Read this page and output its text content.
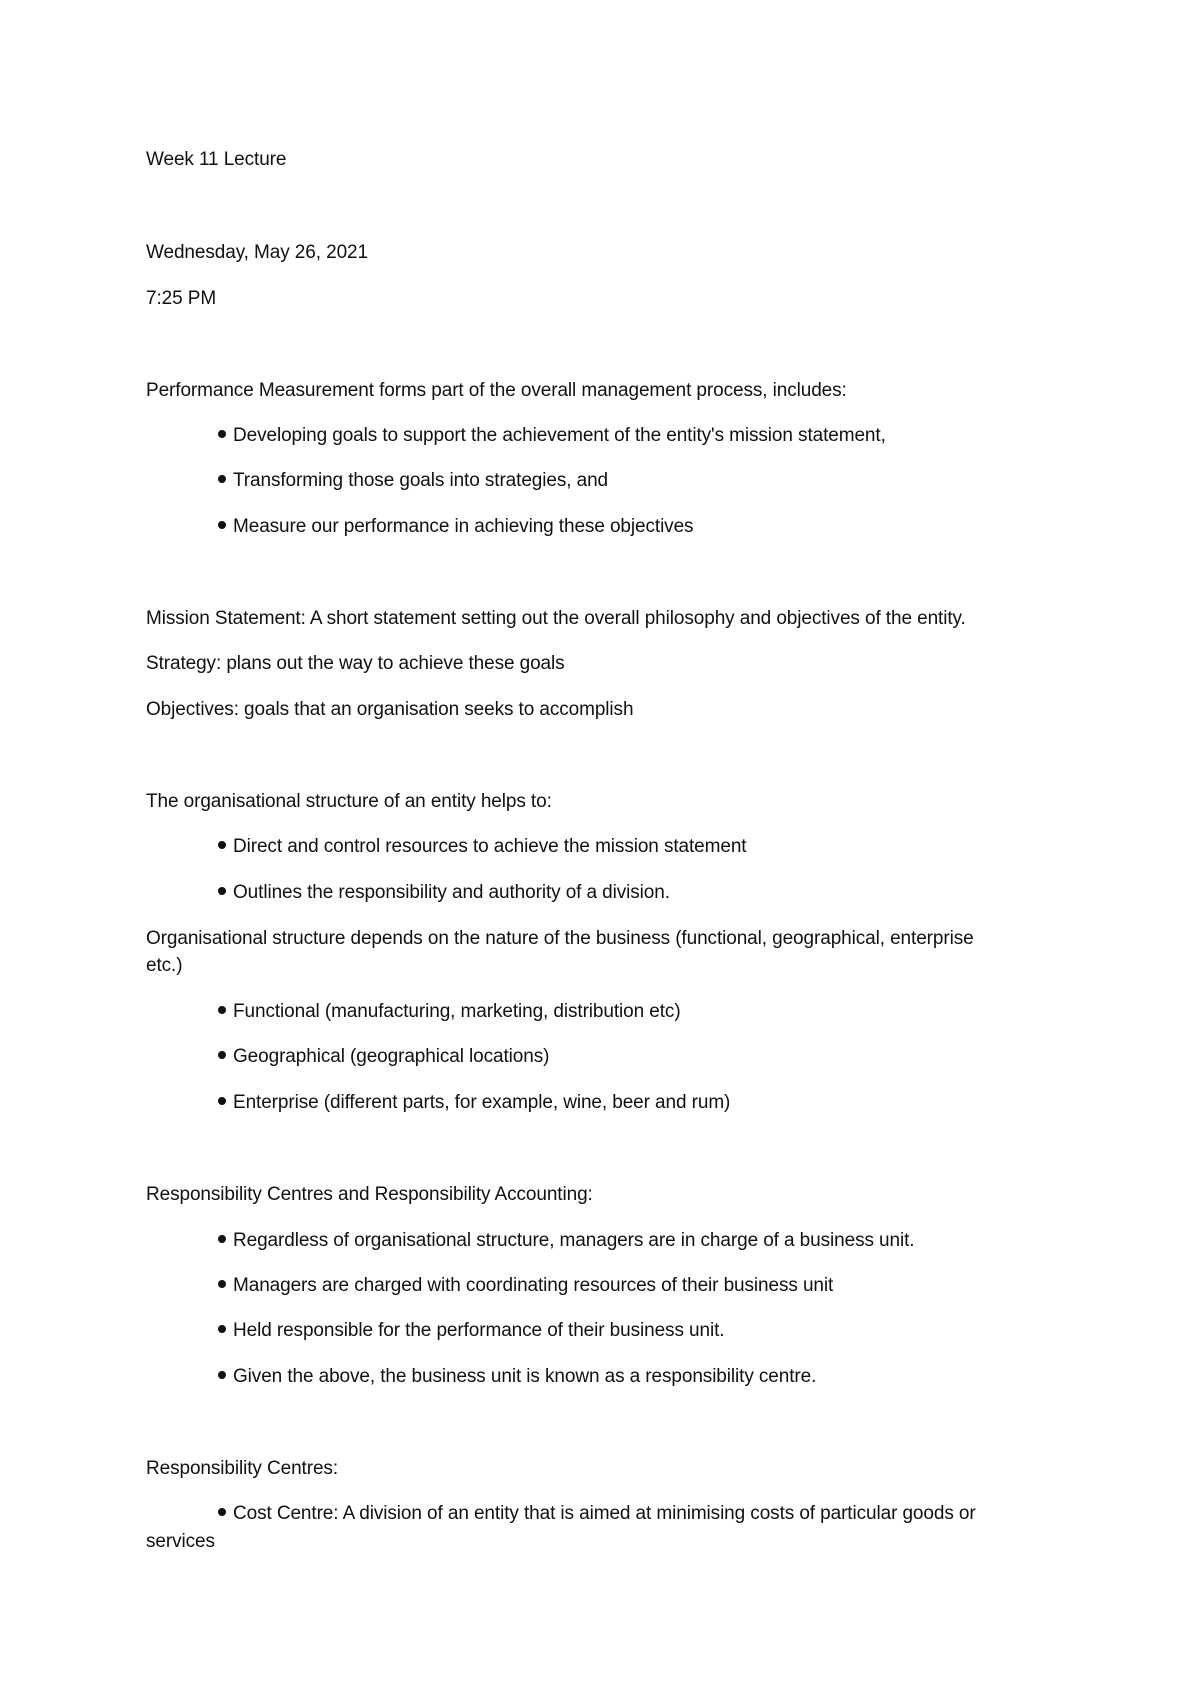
Week 11 Lecture
Wednesday, May 26, 2021
7:25 PM
Performance Measurement forms part of the overall management process, includes:
Developing goals to support the achievement of the entity's mission statement,
Transforming those goals into strategies, and
Measure our performance in achieving these objectives
Mission Statement: A short statement setting out the overall philosophy and objectives of the entity.
Strategy: plans out the way to achieve these goals
Objectives: goals that an organisation seeks to accomplish
The organisational structure of an entity helps to:
Direct and control resources to achieve the mission statement
Outlines the responsibility and authority of a division.
Organisational structure depends on the nature of the business (functional, geographical, enterprise
etc.)
Functional (manufacturing, marketing, distribution etc)
Geographical (geographical locations)
Enterprise (different parts, for example, wine, beer and rum)
Responsibility Centres and Responsibility Accounting:
Regardless of organisational structure, managers are in charge of a business unit.
Managers are charged with coordinating resources of their business unit
Held responsible for the performance of their business unit.
Given the above, the business unit is known as a responsibility centre.
Responsibility Centres:
Cost Centre: A division of an entity that is aimed at minimising costs of particular goods or
services
